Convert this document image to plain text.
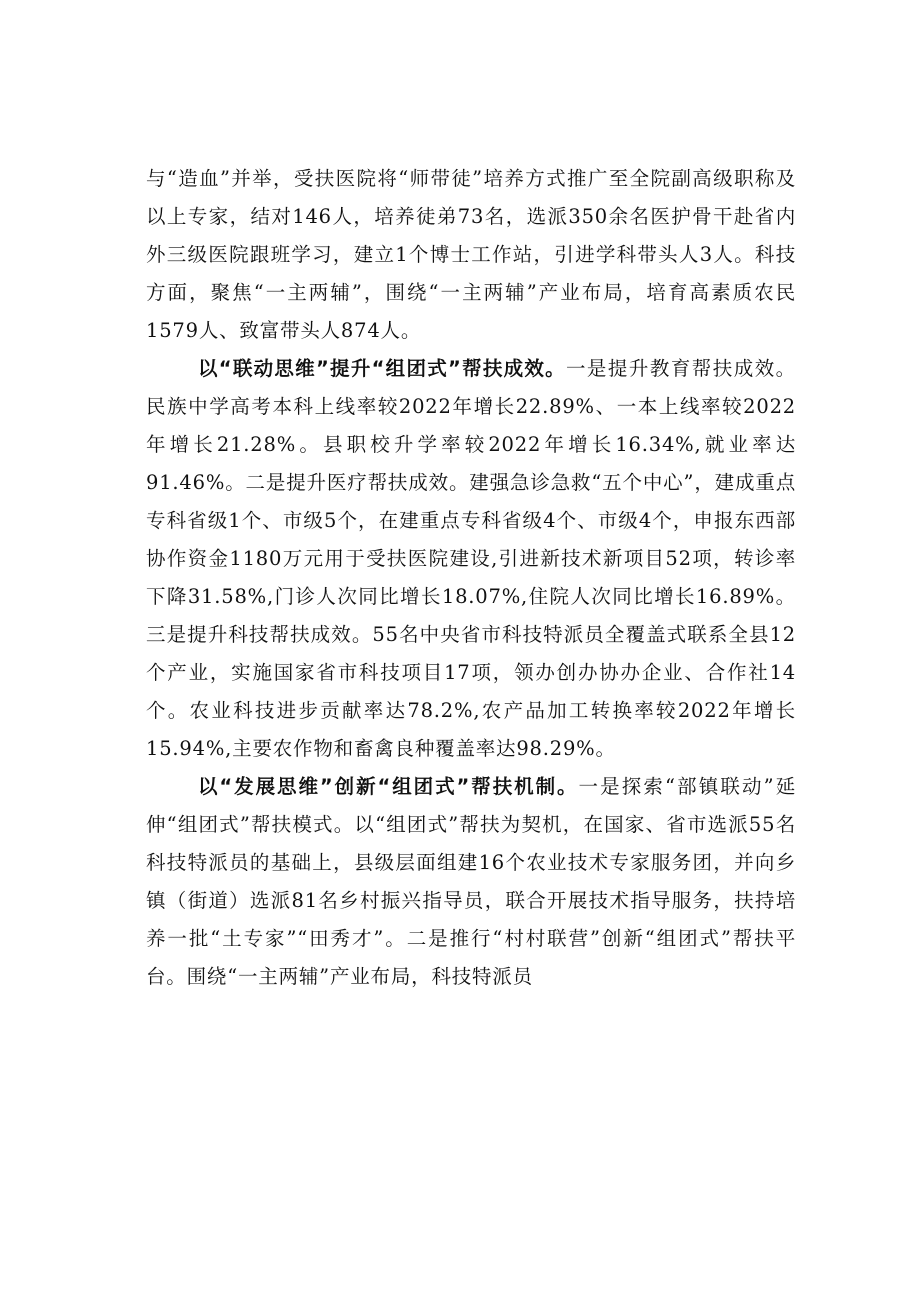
与“造血”并举，受扶医院将“师带徒”培养方式推广至全院副高级职称及以上专家，结对146人，培养徒弟73名，选派350余名医护骨干赴省内外三级医院跟班学习，建立1个博士工作站，引进学科带头人3人。科技方面，聚焦“一主两辅”，围绕“一主两辅”产业布局，培育高素质农民1579人、致富带头人874人。

以“联动思维”提升“组团式”帮扶成效。一是提升教育帮扶成效。民族中学高考本科上线率较2022年增长22.89%、一本上线率较2022年增长21.28%。县职校升学率较2022年增长16.34%,就业率达91.46%。二是提升医疗帮扶成效。建强急诊急救“五个中心”，建成重点专科省级1个、市级5个，在建重点专科省级4个、市级4个，申报东西部协作资金1180万元用于受扶医院建设,引进新技术新项目52项，转诊率下降31.58%,门诊人次同比增长18.07%,住院人次同比增长16.89%。三是提升科技帮扶成效。55名中央省市科技特派员全覆盖式联系全县12个产业，实施国家省市科技项目17项，领办创办协办企业、合作社14个。农业科技进步贡献率达78.2%,农产品加工转换率较2022年增长15.94%,主要农作物和畜禽良种覆盖率达98.29%。

以“发展思维”创新“组团式”帮扶机制。一是探索“部镇联动”延伸“组团式”帮扶模式。以“组团式”帮扶为契机，在国家、省市选派55名科技特派员的基础上，县级层面组建16个农业技术专家服务团，并向乡镇（街道）选派81名乡村振兴指导员，联合开展技术指导服务，扶持培养一批“土专家”“田秀才”。二是推行“村村联营”创新“组团式”帮扶平台。围绕“一主两辅”产业布局，科技特派员
